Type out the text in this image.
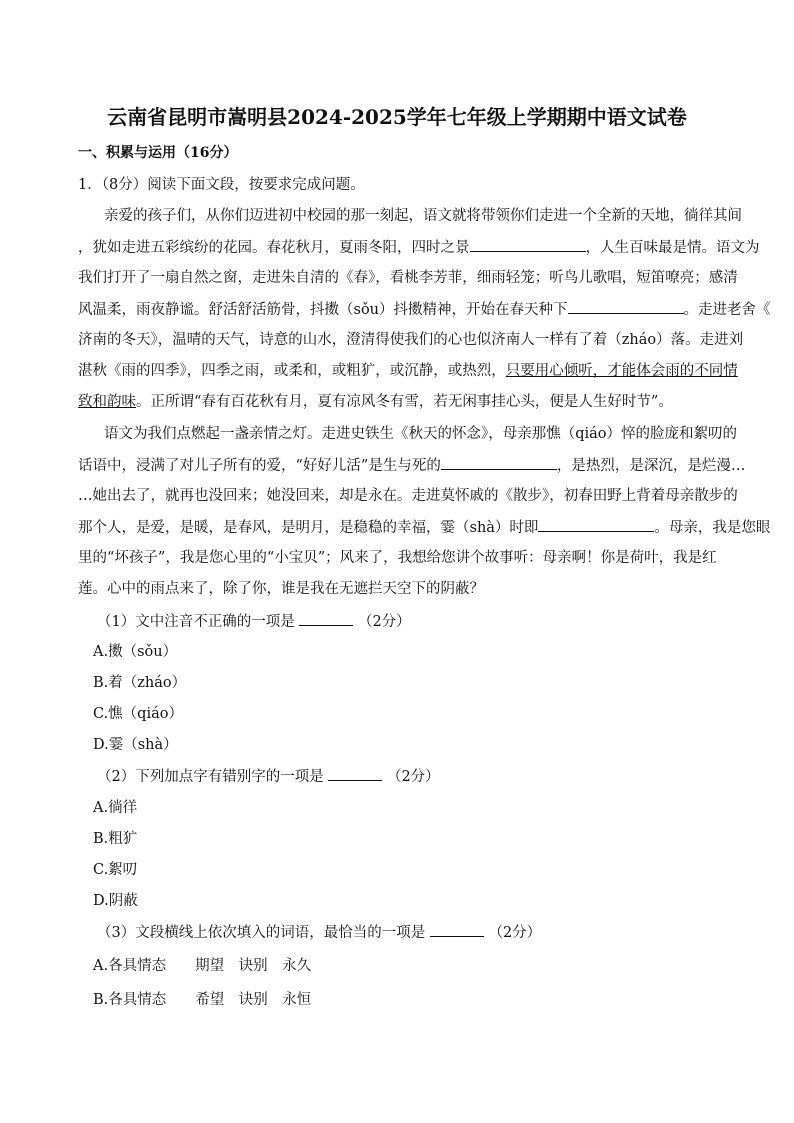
云南省昆明市嵩明县2024-2025学年七年级上学期期中语文试卷
一、积累与运用（16分）
1．（8分）阅读下面文段，按要求完成问题。
亲爱的孩子们，从你们迈进初中校园的那一刻起，语文就将带领你们走进一个全新的天地，徜徉其间
，犹如走进五彩缤纷的花园。春花秋月，夏雨冬阳，四时之景	，人生百味最是情。语文为
我们打开了一扇自然之窗，走进朱自清的《春》，看桃李芳菲，细雨轻笼；听鸟儿歌唱，短笛嘹亮；感清
风温柔，雨夜静谧。舒活舒活筋骨，抖擞（sǒu）抖擞精神，开始在春天种下	。走进老舍《
济南的冬天》，温晴的天气，诗意的山水，澄清得使我们的心也似济南人一样有了着（zháo）落。走进刘
湛秋《雨的四季》，四季之雨，或柔和，或粗犷，或沉静，或热烈，只要用心倾听，才能体会雨的不同情
致和韵味。正所谓“春有百花秋有月，夏有凉风冬有雪，若无闲事挂心头，便是人生好时节”。
语文为我们点燃起一盏亲情之灯。走进史铁生《秋天的怀念》，母亲那憔（qiáo）悴的脸庞和絮叨的
话语中，浸满了对儿子所有的爱，“好好儿活”是生与死的	，是热烈，是深沉，是烂漫…
…她出去了，就再也没回来；她没回来，却是永在。走进莫怀戚的《散步》，初春田野上背着母亲散步的
那个人，是爱，是暖，是春风，是明月，是稳稳的幸福，霎（shà）时即	。母亲，我是您眼
里的“坏孩子”，我是您心里的“小宝贝”；风来了，我想给您讲个故事听：母亲啊！你是荷叶，我是红
莲。心中的雨点来了，除了你，谁是我在无遮拦天空下的阴蔽？
（1）文中注音不正确的一项是	（2分）
A.擞（sǒu）
B.着（zháo）
C.憔（qiáo）
D.霎（shà）
（2）下列加点字有错别字的一项是	（2分）
A.徜徉
B.粗犷
C.絮叨
D.阴蔽
（3）文段横线上依次填入的词语，最恰当的一项是	（2分）
A.各具情态　　期望　诀别　永久
B.各具情态　　希望　诀别　永恒
